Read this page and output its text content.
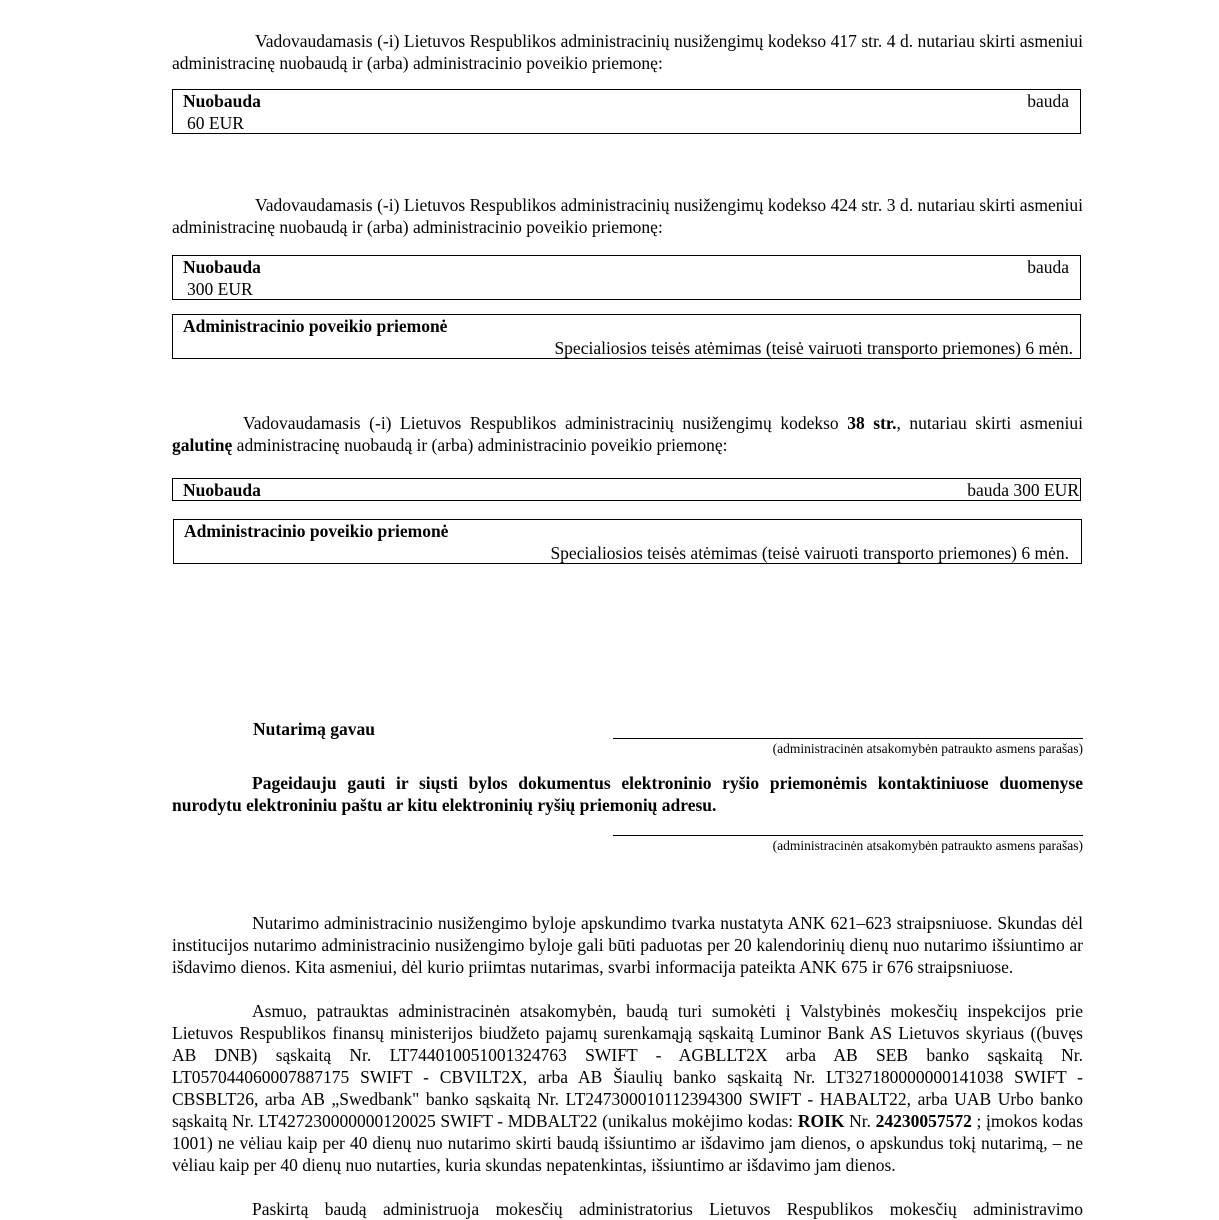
Vadovaudamasis (-i) Lietuvos Respublikos administracinių nusižengimų kodekso 417 str. 4 d. nutariau skirti asmeniui administracinę nuobaudą ir (arba) administracinio poveikio priemonę:

Nuobauda	bauda
60 EUR

Vadovaudamasis (-i) Lietuvos Respublikos administracinių nusižengimų kodekso 424 str. 3 d. nutariau skirti asmeniui administracinę nuobaudą ir (arba) administracinio poveikio priemonę:

Nuobauda	bauda
300 EUR
Administracinio poveikio priemonė
Specialiosios teisės atėmimas (teisė vairuoti transporto priemones) 6 mėn.

Vadovaudamasis (-i) Lietuvos Respublikos administracinių nusižengimų kodekso 38 str., nutariau skirti asmeniui galutinę administracinę nuobaudą ir (arba) administracinio poveikio priemonę:

Nuobauda	bauda 300 EUR
Administracinio poveikio priemonė
Specialiosios teisės atėmimas (teisė vairuoti transporto priemones) 6 mėn.
Nutarimą gavau
(administracinėn atsakomybėn patraukto asmens parašas)

Pageidauju gauti ir siųsti bylos dokumentus elektroninio ryšio priemonėmis kontaktiniuose duomenyse nurodytu elektroniniu paštu ar kitu elektroninių ryšių priemonių adresu.

(administracinėn atsakomybėn patraukto asmens parašas)

Nutarimo administracinio nusižengimo byloje apskundimo tvarka nustatyta ANK 621–623 straipsniuose. Skundas dėl institucijos nutarimo administracinio nusižengimo byloje gali būti paduotas per 20 kalendorinių dienų nuo nutarimo išsiuntimo ar išdavimo dienos. Kita asmeniui, dėl kurio priimtas nutarimas, svarbi informacija pateikta ANK 675 ir 676 straipsniuose.

Asmuo, patrauktas administracinėn atsakomybėn, baudą turi sumokėti į Valstybinės mokesčių inspekcijos prie Lietuvos Respublikos finansų ministerijos biudžeto pajamų surenkamąją sąskaitą Luminor Bank AS Lietuvos skyriaus ((buvęs AB DNB) sąskaitą Nr. LT744010051001324763 SWIFT - AGBLLT2X arba AB SEB banko sąskaitą Nr. LT057044060007887175 SWIFT - CBVILT2X, arba AB Šiaulių banko sąskaitą Nr. LT327180000000141038 SWIFT - CBSBLT26, arba AB „Swedbank" banko sąskaitą Nr. LT247300010112394300 SWIFT - HABALT22, arba UAB Urbo banko sąskaitą Nr. LT427230000000120025 SWIFT - MDBALT22 (unikalus mokėjimo kodas: ROIK Nr. 24230057572 ; įmokos kodas 1001) ne vėliau kaip per 40 dienų nuo nutarimo skirti baudą išsiuntimo ar išdavimo jam dienos, o apskundus tokį nutarimą, – ne vėliau kaip per 40 dienų nuo nutarties, kuria skundas nepatenkintas, išsiuntimo ar išdavimo jam dienos.

Paskirtą baudą administruoja mokesčių administratorius Lietuvos Respublikos mokesčių administravimo
